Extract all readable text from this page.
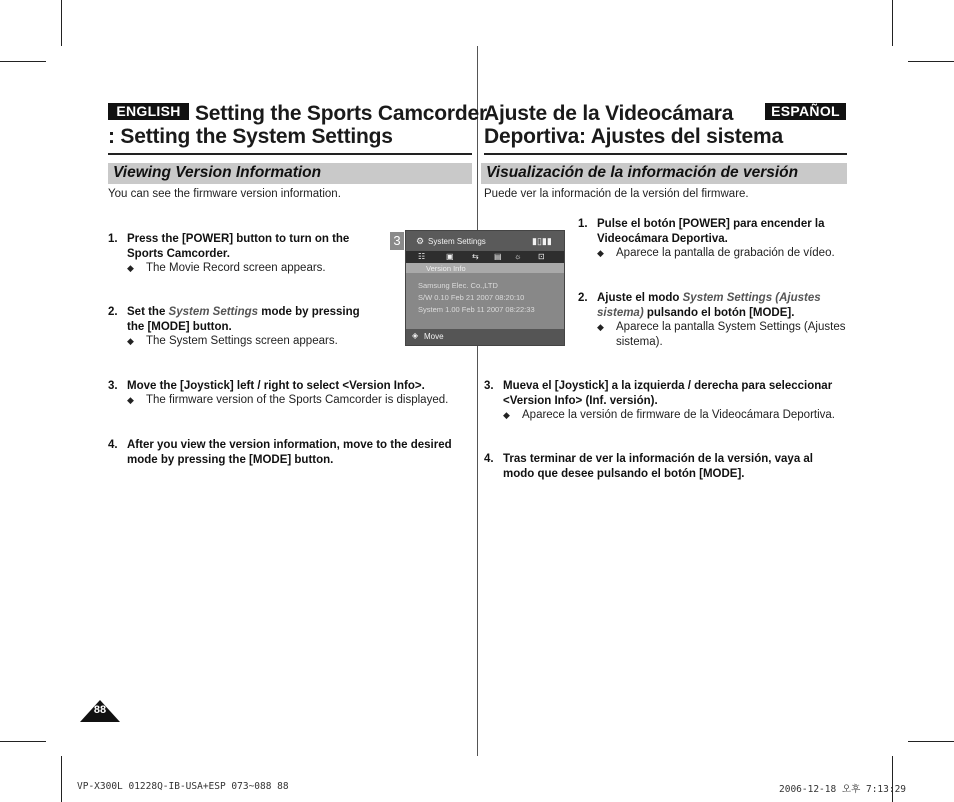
ENGLISH Setting the Sports Camcorder
: Setting the System Settings
Viewing Version Information
You can see the firmware version information.
1. Press the [POWER] button to turn on the Sports Camcorder.
◆ The Movie Record screen appears.
2. Set the System Settings mode by pressing the [MODE] button.
◆ The System Settings screen appears.
3. Move the [Joystick] left / right to select <Version Info>.
◆ The firmware version of the Sports Camcorder is displayed.
4. After you view the version information, move to the desired mode by pressing the [MODE] button.
3	⚙ System Settings	▮▯▮▮
☷	▣ ⇆ ▤ ☼ ⊡
Version Info
Samsung Elec. Co.,LTD
S/W 0.10 Feb 21 2007 08:20:10
System 1.00 Feb 11 2007 08:22:33
◈ Move
Ajuste de la Videocámara	ESPAÑOL
Deportiva: Ajustes del sistema
Visualización de la información de versión
Puede ver la información de la versión del firmware.
1. Pulse el botón [POWER] para encender la Videocámara Deportiva.
◆ Aparece la pantalla de grabación de vídeo.
2. Ajuste el modo System Settings (Ajustes sistema) pulsando el botón [MODE].
◆ Aparece la pantalla System Settings (Ajustes sistema).
3. Mueva el [Joystick] a la izquierda / derecha para seleccionar <Version Info> (Inf. versión).
◆ Aparece la versión de firmware de la Videocámara Deportiva.
4. Tras terminar de ver la información de la versión, vaya al modo que desee pulsando el botón [MODE].
88
VP-X300L 01228Q-IB-USA+ESP 073~088 88	2006-12-18 오후 7:13:29
